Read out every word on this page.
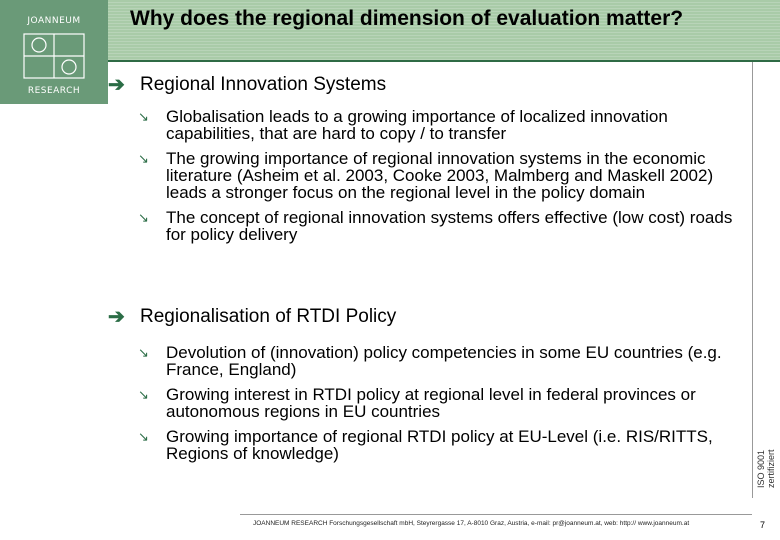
JOANNEUM
RESEARCH
Why does the regional dimension of evaluation matter?
➔ Regional Innovation Systems
↘	Globalisation leads to a growing importance of localized innovation capabilities, that are hard to copy / to transfer
↘	The growing importance of regional innovation systems in the economic literature (Asheim et al. 2003, Cooke 2003, Malmberg and Maskell 2002) leads a stronger focus on the regional level in the policy domain
↘	The concept of regional innovation systems offers effective (low cost) roads for policy delivery
➔ Regionalisation of RTDI Policy
↘	Devolution of (innovation) policy competencies in some EU countries (e.g. France, England)
↘	Growing interest in RTDI policy at regional level in federal provinces or autonomous regions in EU countries
↘	Growing importance of regional RTDI policy at EU-Level (i.e. RIS/RITTS, Regions of knowledge)	ISO 9001 zertifiziert
JOANNEUM RESEARCH Forschungsgesellschaft mbH, Steyrergasse 17, A-8010 Graz, Austria, e-mail: pr@joanneum.at, web: http:// www.joanneum.at	7
